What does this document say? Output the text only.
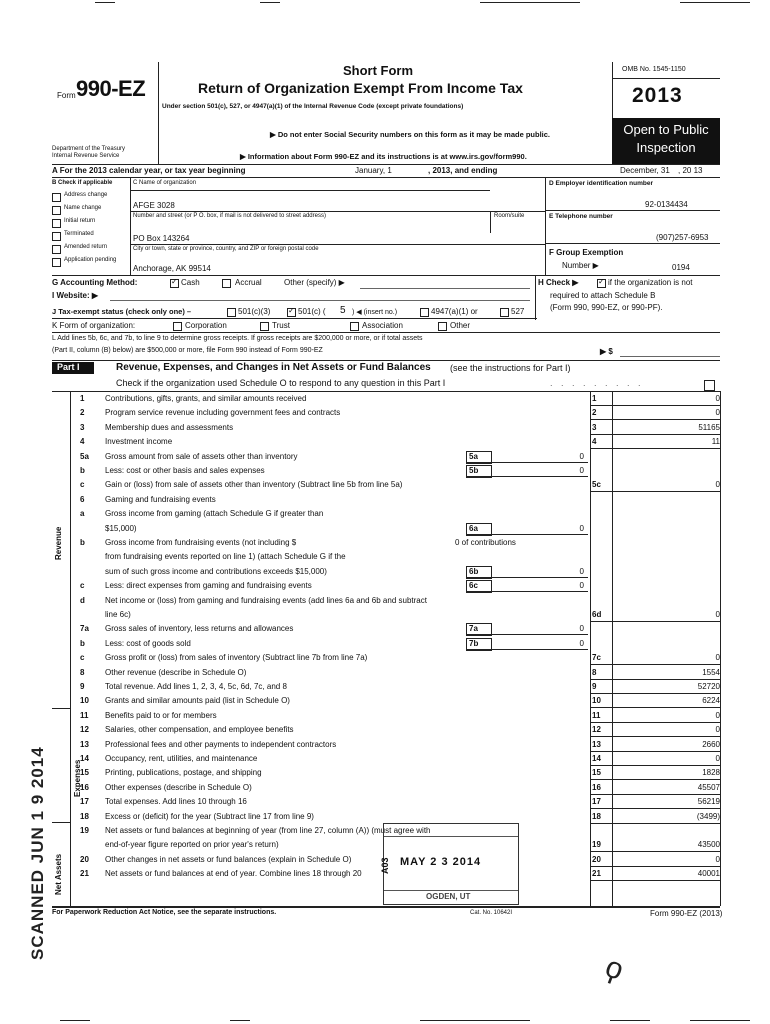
Form 990-EZ
Department of the Treasury
Internal Revenue Service
Short Form
Return of Organization Exempt From Income Tax
Under section 501(c), 527, or 4947(a)(1) of the Internal Revenue Code (except private foundations)
▶ Do not enter Social Security numbers on this form as it may be made public.
▶ Information about Form 990-EZ and its instructions is at www.irs.gov/form990.
OMB No. 1545-1150
2013
Open to Public
Inspection
A For the 2013 calendar year, or tax year beginning	January, 1	, 2013, and ending	December, 31 , 20 13
B Check if applicable
Address change
Name change
Initial return
Terminated
Amended return
Application pending
C Name of organization
AFGE 3028
Number and street (or P O. box, if mail is not delivered to street address)	Room/suite
PO Box 143264
City or town, state or province, country, and ZIP or foreign postal code
Anchorage, AK 99514
D Employer identification number
92-0134434
E Telephone number
(907)257-6953
F Group Exemption
Number ▶	0194
G Accounting Method: ✓	Cash	Accrual	Other (specify) ▶
I Website: ▶
H Check ▶ ✓	if the organization is not
required to attach Schedule B
(Form 990, 990-EZ, or 990-PF).
J Tax-exempt status (check only one) –	501(c)(3) ✓	501(c) ( 5 ) ◀ (insert no.)	4947(a)(1) or	527
K Form of organization:	Corporation	Trust	Association	Other
L Add lines 5b, 6c, and 7b, to line 9 to determine gross receipts. If gross receipts are $200,000 or more, or if total assets
(Part II, column (B) below) are $500,000 or more, file Form 990 instead of Form 990-EZ	▶ $
Part I	Revenue, Expenses, and Changes in Net Assets or Fund Balances (see the instructions for Part I)
Check if the organization used Schedule O to respond to any question in this Part I	. . . . . . . . .
Revenue
Expenses
Net Assets
1	Contributions, gifts, grants, and similar amounts received	1	0
2	Program service revenue including government fees and contracts	2	0
3	Membership dues and assessments	3	51165
4	Investment income	4	11
5a Gross amount from sale of assets other than inventory	5a	0
b	Less: cost or other basis and sales expenses	5b	0
c	Gain or (loss) from sale of assets other than inventory (Subtract line 5b from line 5a)	5c	0
6	Gaming and fundraising events
a	Gross income from gaming (attach Schedule G if greater than
$15,000)	6a	0
b	Gross income from fundraising events (not including $	0 of contributions
from fundraising events reported on line 1) (attach Schedule G if the
sum of such gross income and contributions exceeds $15,000)	6b	0
c	Less: direct expenses from gaming and fundraising events	6c	0
d	Net income or (loss) from gaming and fundraising events (add lines 6a and 6b and subtract
line 6c)	6d	0
7a Gross sales of inventory, less returns and allowances	7a	0
b	Less: cost of goods sold	7b	0
c	Gross profit or (loss) from sales of inventory (Subtract line 7b from line 7a)	7c	0
8	Other revenue (describe in Schedule O)	8	1554
9	Total revenue. Add lines 1, 2, 3, 4, 5c, 6d, 7c, and 8	9	52720
10 Grants and similar amounts paid (list in Schedule O)	10	6224
11 Benefits paid to or for members	11	0
12 Salaries, other compensation, and employee benefits	12	0
13 Professional fees and other payments to independent contractors	13	2660
14 Occupancy, rent, utilities, and maintenance	14	0
15 Printing, publications, postage, and shipping	15	1828
16 Other expenses (describe in Schedule O)	16	45507
17 Total expenses. Add lines 10 through 16	17	56219
18 Excess or (deficit) for the year (Subtract line 17 from line 9)	18	(3499)
19 Net assets or fund balances at beginning of year (from line 27, column (A)) (must agree with
end-of-year figure reported on prior year's return)	19	43500
20 Other changes in net assets or fund balances (explain in Schedule O)	20	0
21 Net assets or fund balances at end of year. Combine lines 18 through 20	21	40001
SCANNED JUN 1 9 2014	A03 MAY 2 3 2014
OGDEN, UT
For Paperwork Reduction Act Notice, see the separate instructions.	Cat. No. 10642I	Form 990-EZ (2013)
ϙ
